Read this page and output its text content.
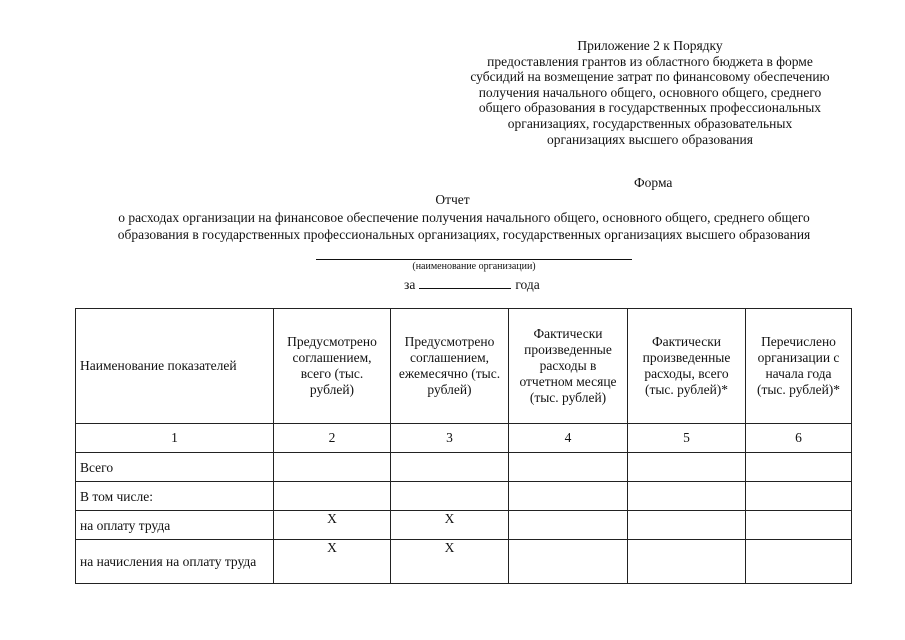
Приложение 2 к Порядку
предоставления грантов из областного бюджета в форме
субсидий на возмещение затрат по финансовому обеспечению
получения начального общего, основного общего, среднего
общего образования в государственных профессиональных
организациях, государственных образовательных
организациях высшего образования
Форма
Отчет
о расходах организации на финансовое обеспечение получения начального общего, основного общего, среднего общего
образования в государственных профессиональных организациях, государственных организациях высшего образования
(наименование организации)
за	года
Наименование показателей	Предусмотрено соглашением, всего (тыс. рублей)	Предусмотрено соглашением, ежемесячно (тыс. рублей)	Фактически произведенные расходы в отчетном месяце (тыс. рублей)	Фактически произведенные расходы, всего (тыс. рублей)*	Перечислено организации с начала года (тыс. рублей)*
1	2	3	4	5	6
Всего					
В том числе:					
на оплату труда	X	X			
на начисления на оплату труда	X	X			
